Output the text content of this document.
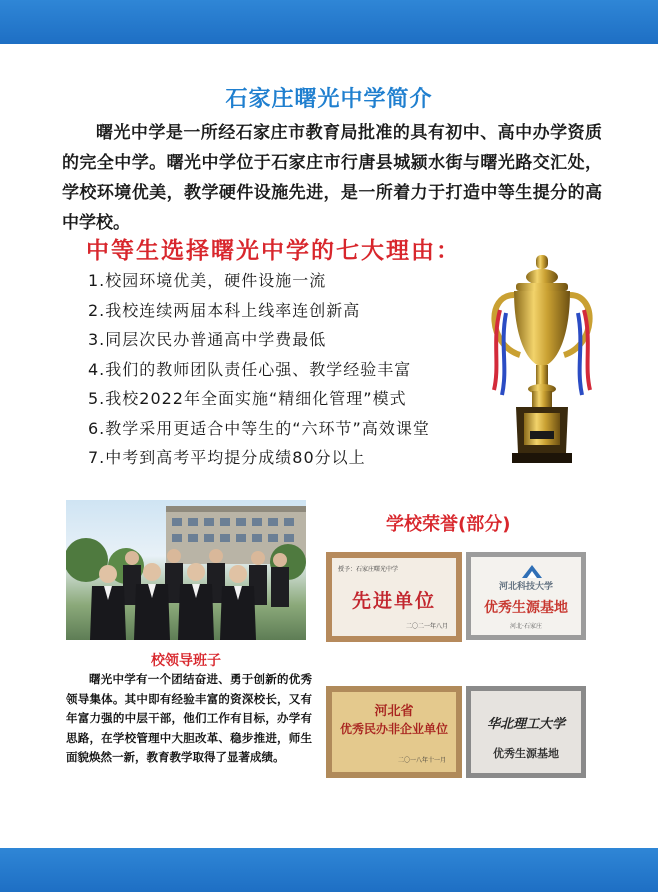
石家庄曙光中学简介
曙光中学是一所经石家庄市教育局批准的具有初中、高中办学资质的完全中学。曙光中学位于石家庄市行唐县城颍水街与曙光路交汇处，学校环境优美，教学硬件设施先进，是一所着力于打造中等生提分的高中学校。
中等生选择曙光中学的七大理由：
1.校园环境优美，硬件设施一流
2.我校连续两届本科上线率连创新高
3.同层次民办普通高中学费最低
4.我们的教师团队责任心强、教学经验丰富
5.我校2022年全面实施“精细化管理”模式
6.教学采用更适合中等生的“六环节”高效课堂
7.中考到高考平均提分成绩80分以上
校领导班子
曙光中学有一个团结奋进、勇于创新的优秀领导集体。其中即有经验丰富的资深校长，又有年富力强的中层干部，他们工作有目标，办学有思路，在学校管理中大胆改革、稳步推进，师生面貌焕然一新，教育教学取得了显著成绩。
学校荣誉(部分)
授予：石家庄曙光中学
先进单位
二〇二一年八月
河北科技大学
优秀生源基地
河北·石家庄
河北省
优秀民办非企业单位
二〇一八年十一月
华北理工大学
优秀生源基地
